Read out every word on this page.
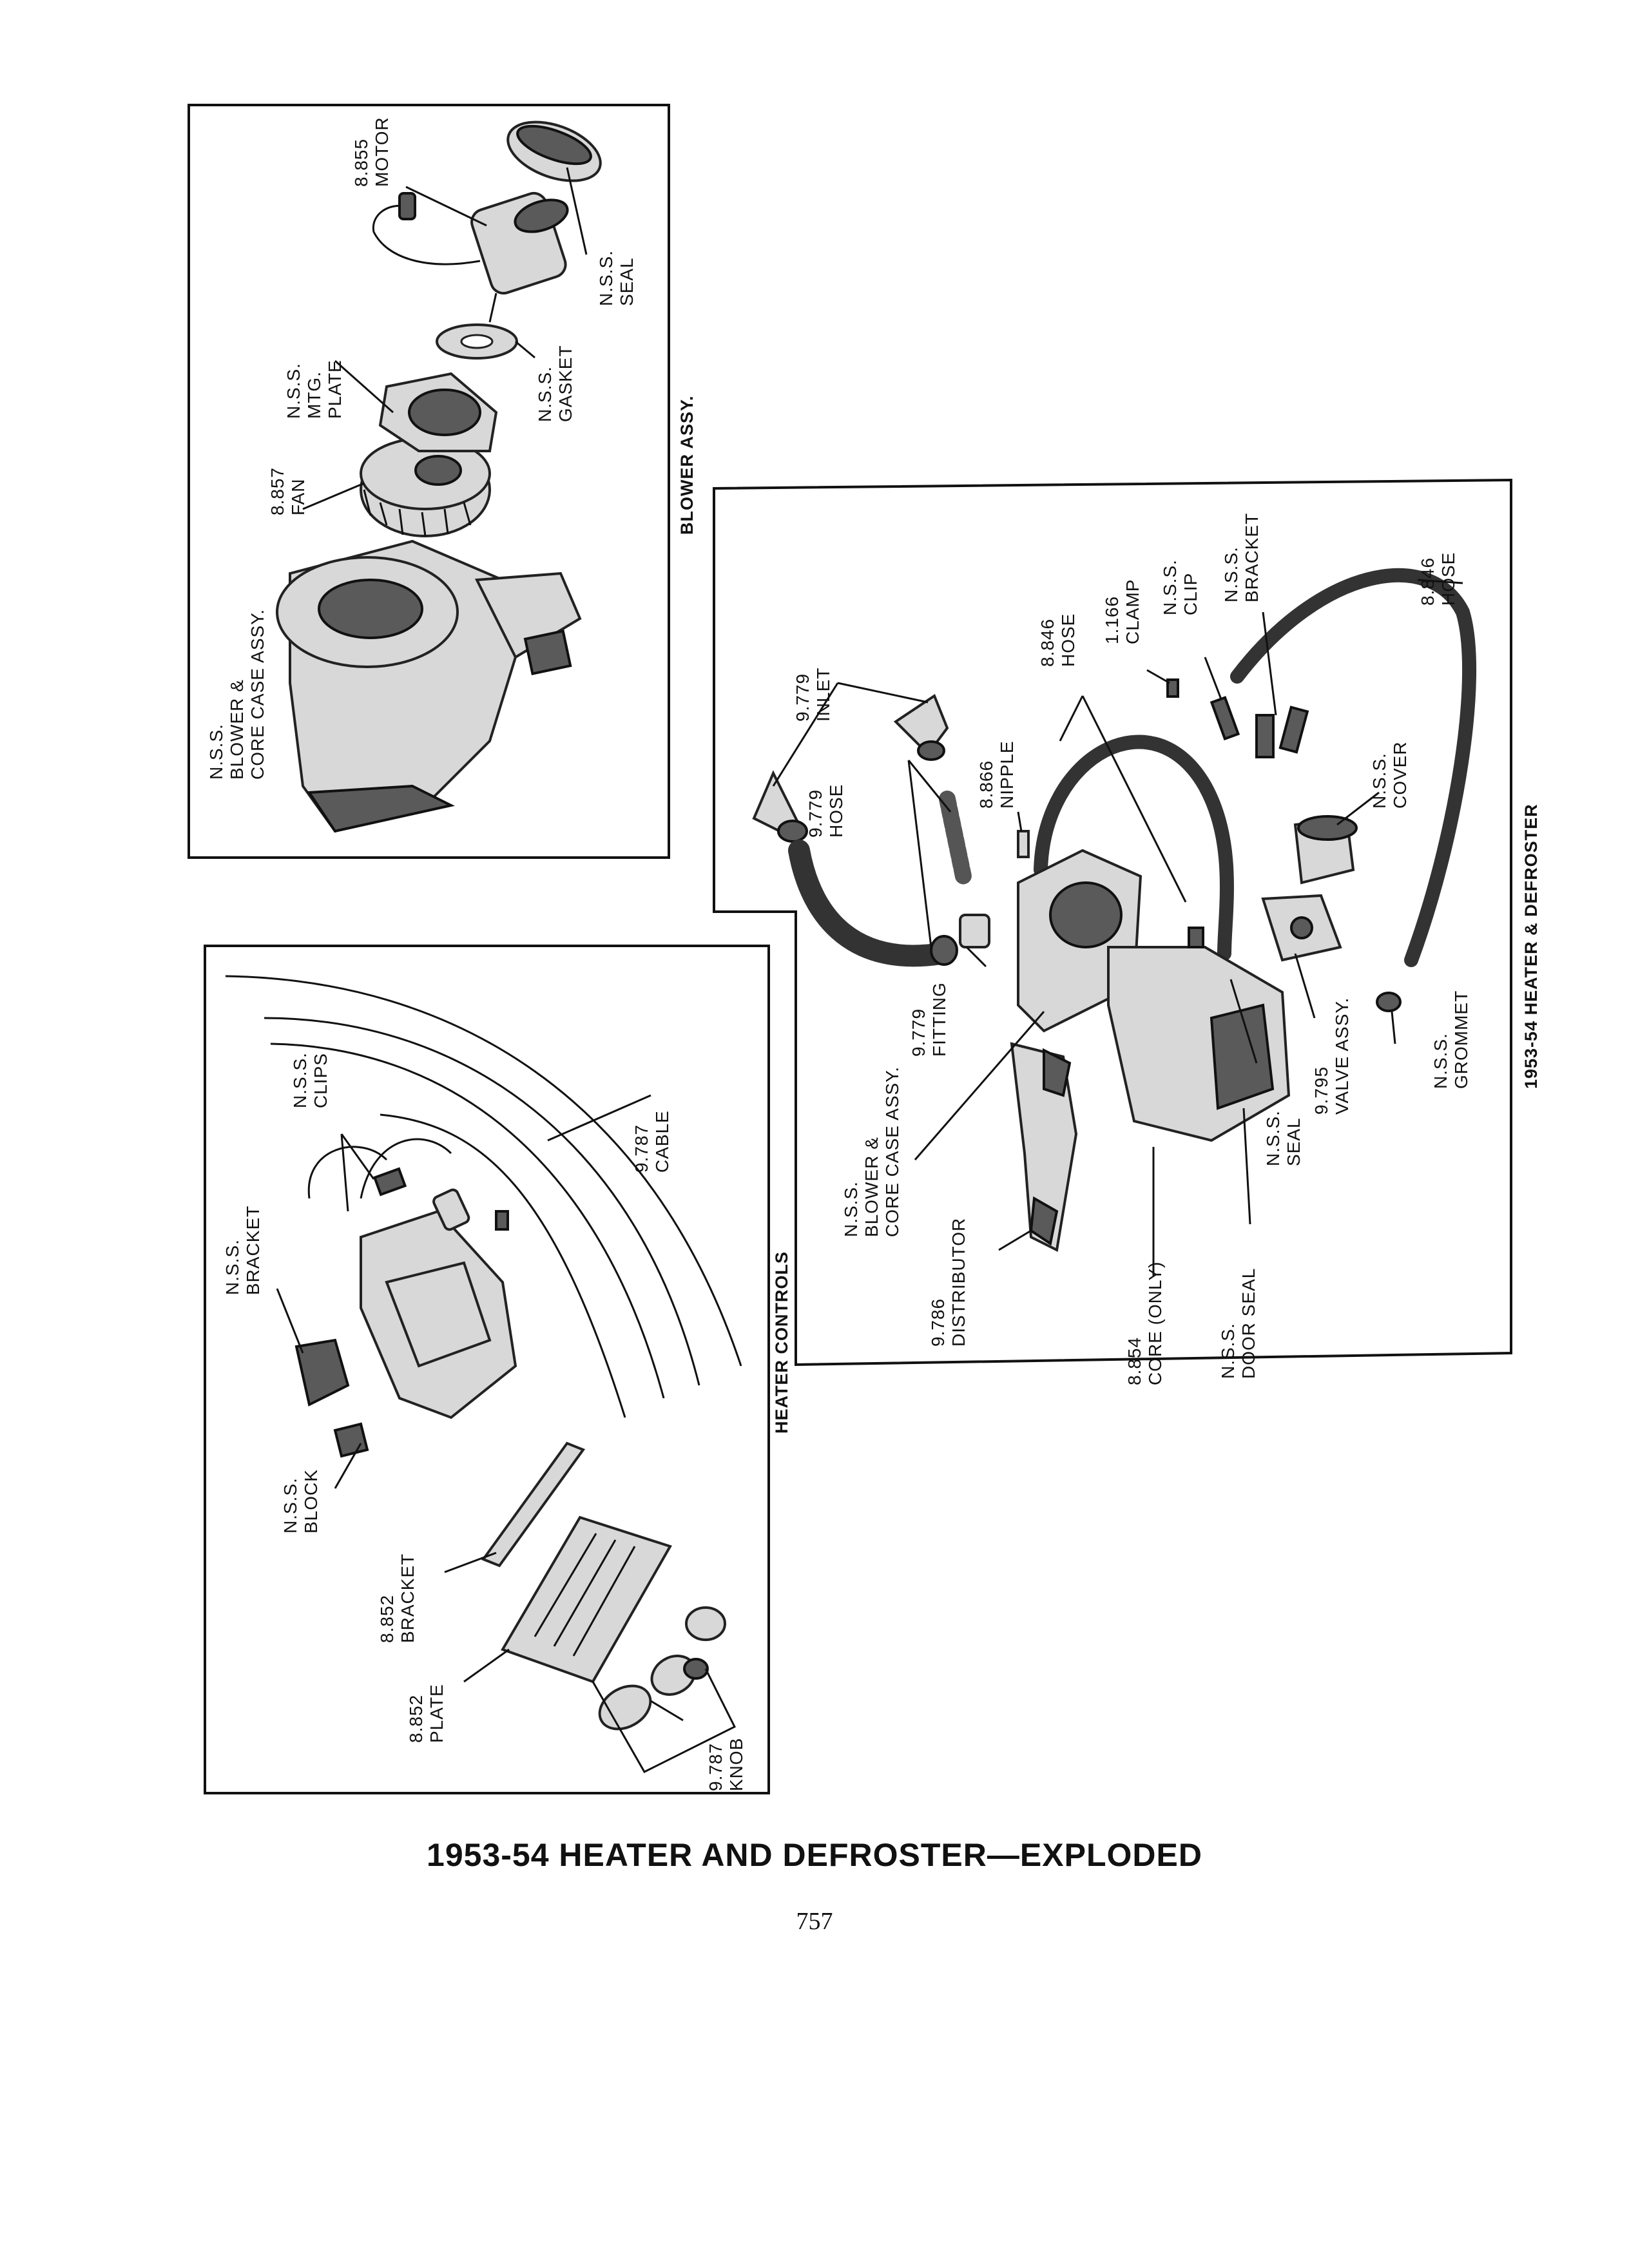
8.855 MOTOR
N.S.S. SEAL
N.S.S. MTG. PLATE	N.S.S. GASKET
8.857 FAN
N.S.S. BLOWER & CORE CASE ASSY.
BLOWER ASSY.
9.779 INLET
9.779 HOSE	8.866 NIPPLE
8.846 HOSE 1.166 CLAMP N.S.S. CLIP N.S.S. BRACKET	8.846 HOSE
N.S.S. COVER
9.779 FITTING
N.S.S. BLOWER & CORE CASE ASSY.	9.795 VALVE ASSY.	N.S.S. GROMMET
N.S.S. SEAL
9.786 DISTRIBUTOR
8.854 CORE (ONLY)	N.S.S. DOOR SEAL
1953-54 HEATER & DEFROSTER
9.787 CABLE
N.S.S. CLIPS
N.S.S. BRACKET
N.S.S. BLOCK
8.852 BRACKET
8.852 PLATE
9.787 KNOB
HEATER CONTROLS
1953-54 HEATER AND DEFROSTER—EXPLODED
757
